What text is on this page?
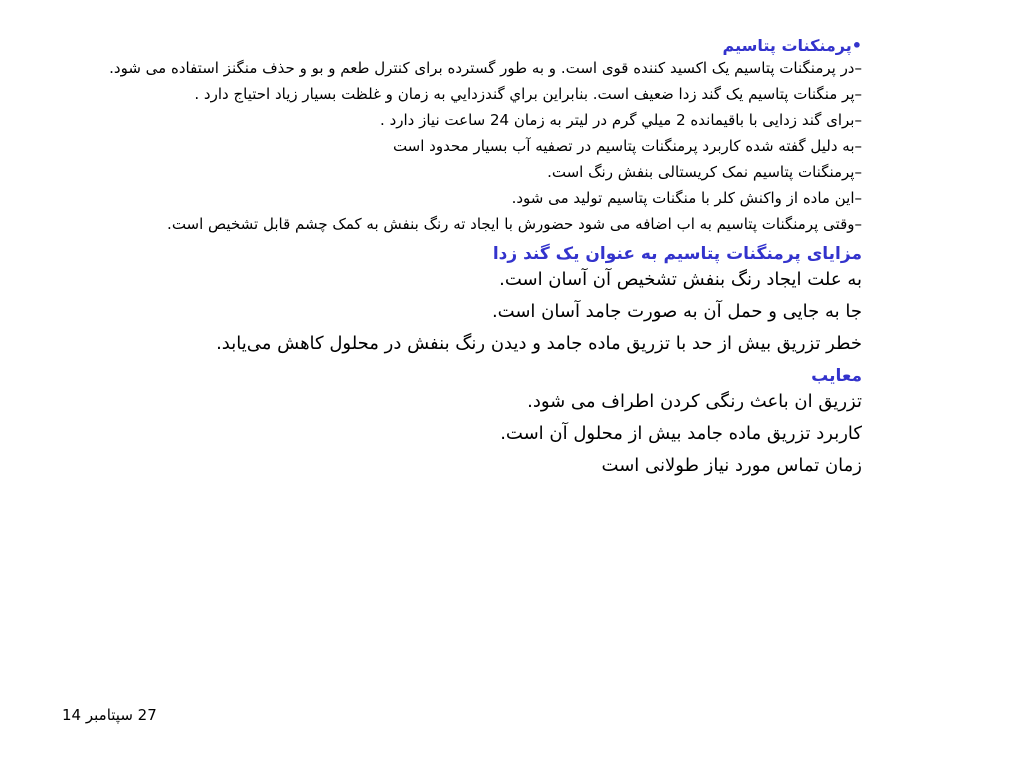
•پرمنکنات پتاسیم
–در پرمنگنات پتاسیم یک اکسید کننده قوی است. و به طور گسترده برای کنترل طعم و بو و حذف منگنز استفاده می شود.
–پر منگنات پتاسیم یک گند زدا ضعیف است. بنابراین براي گندزدايي به زمان و غلظت بسیار زیاد احتیاج دارد .
–برای گند زدایی با باقیمانده 2 ميلي گرم در ليتر به زمان 24 ساعت نیاز دارد .
–به دلیل گفته شده کاربرد پرمنگنات پتاسیم در تصفیه آب بسیار محدود است
–پرمنگنات پتاسیم نمک کریستالی بنفش رنگ است.
–این ماده از واکنش کلر با منگنات پتاسیم تولید می شود.
–وقتی پرمنگنات پتاسیم به اب اضافه می شود حضورش با ایجاد ته رنگ بنفش به کمک چشم قابل تشخیص است.
مزایای پرمنگنات پتاسیم به عنوان یک گند زدا
به علت ایجاد رنگ بنفش تشخیص آن آسان است.
جا به جایی و حمل آن به صورت جامد آسان است.
خطر تزریق بیش از حد با تزریق ماده جامد و دیدن رنگ بنفش در محلول کاهش می‌یابد.
معایب
تزریق ان باعث رنگی کردن اطراف می شود.
کاربرد تزریق ماده جامد بیش از محلول آن است.
زمان تماس مورد نیاز طولانی است
27 سپتامبر 14
